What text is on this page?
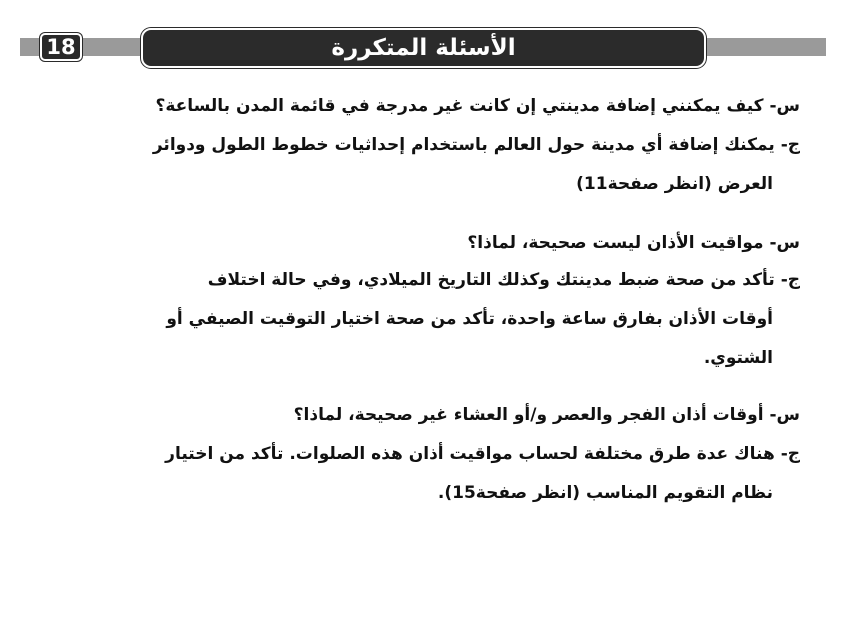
18	الأسئلة المتكررة
س-

كيف يمكنني إضافة مدينتي إن كانت غير مدرجة في قائمة المدن بالساعة؟
ج-

يمكنك إضافة أي مدينة حول العالم باستخدام إحداثيات خطوط الطول ودوائر
العرض (انظر صفحة11)
س-

مواقيت الأذان ليست صحيحة، لماذا؟
ج-

تأكد من صحة ضبط مدينتك وكذلك التاريخ الميلادي، وفي حالة اختلاف
أوقات الأذان بفارق ساعة واحدة، تأكد من صحة اختيار التوقيت الصيفي أو
الشتوي.
س-

أوقات أذان الفجر والعصر و/أو العشاء غير صحيحة، لماذا؟
ج-

هناك عدة طرق مختلفة لحساب مواقيت أذان هذه الصلوات. تأكد من اختيار
نظام التقويم المناسب (انظر صفحة15).
